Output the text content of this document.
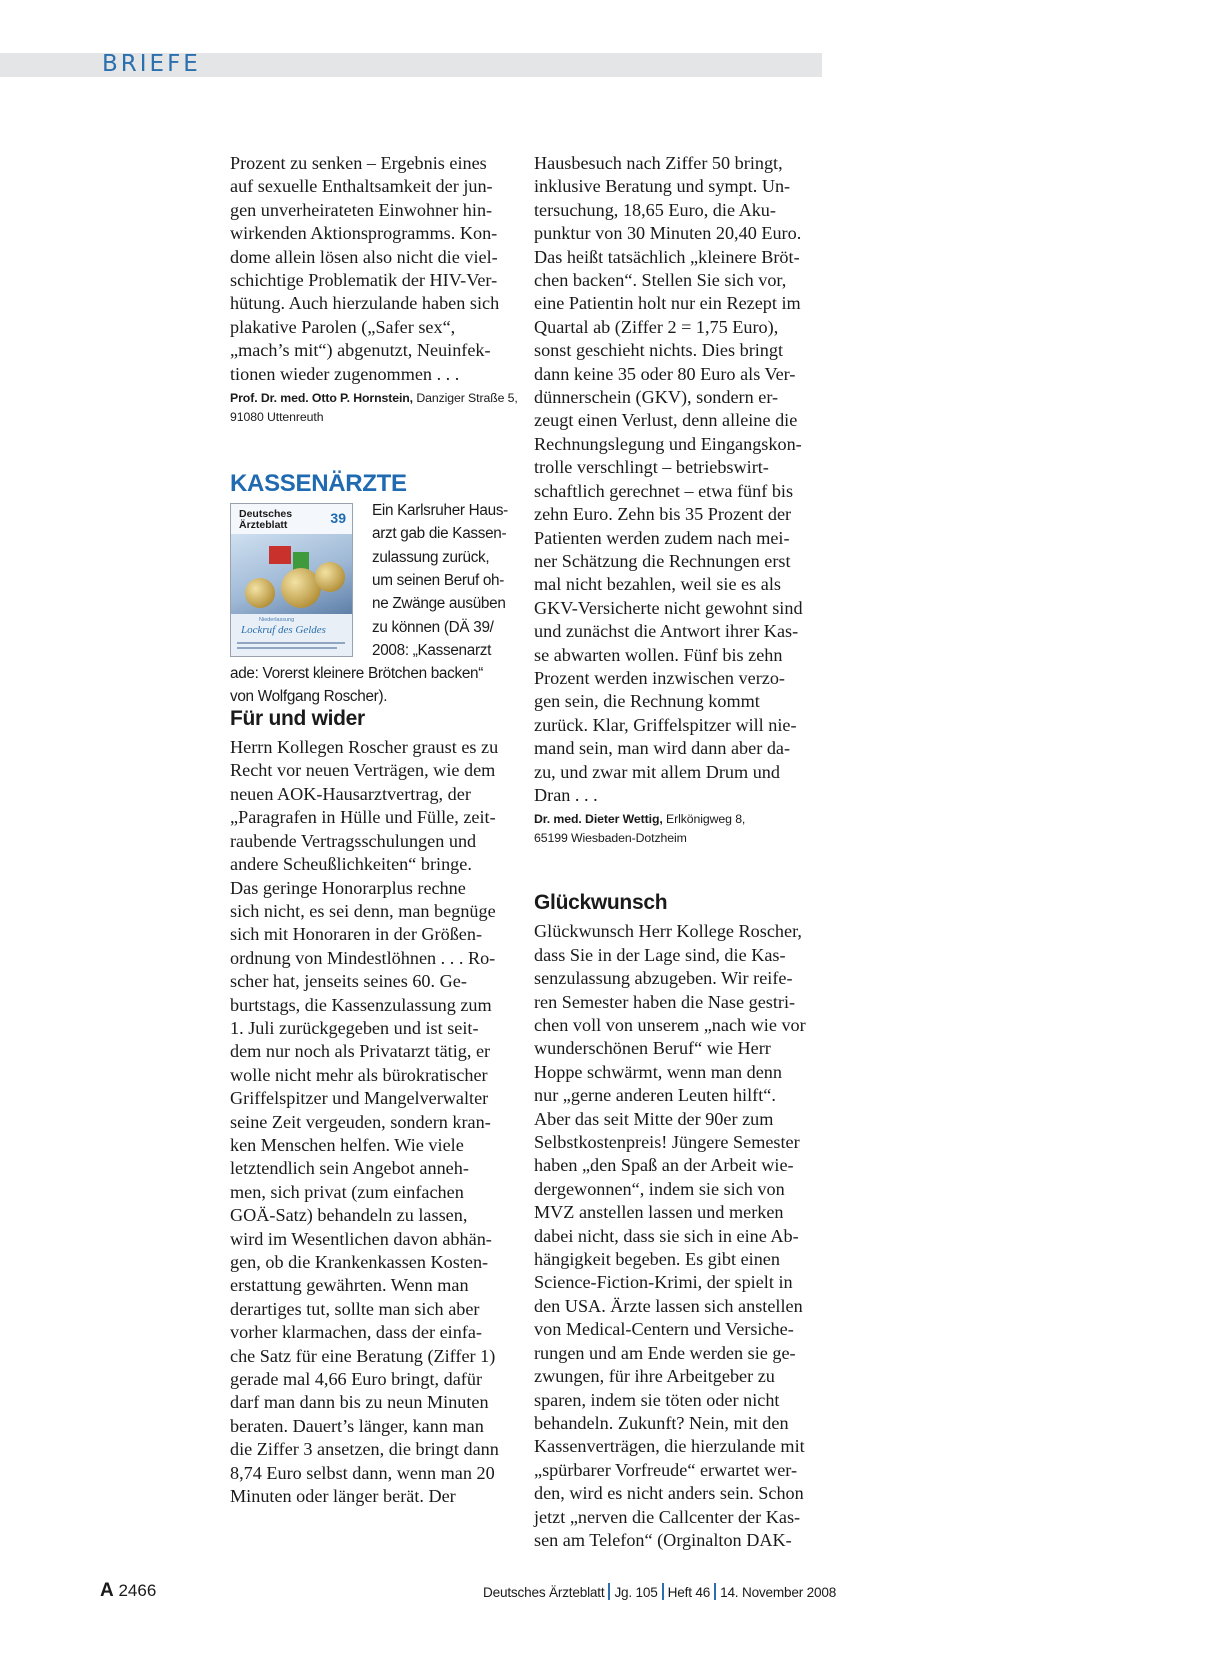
BRIEFE
Prozent zu senken – Ergebnis eines
auf sexuelle Enthaltsamkeit der jun-
gen unverheirateten Einwohner hin-
wirkenden Aktionsprogramms. Kon-
dome allein lösen also nicht die viel-
schichtige Problematik der HIV-Ver-
hütung. Auch hierzulande haben sich
plakative Parolen („Safer sex“,
„mach’s mit“) abgenutzt, Neuinfek-
tionen wieder zugenommen . . .
Prof. Dr. med. Otto P. Hornstein, Danziger Straße 5,
91080 Uttenreuth
KASSENÄRZTE
Deutsches
Ärzteblatt	39
Niederlassung
Lockruf des Geldes
Ein Karlsruher Haus-
arzt gab die Kassen-
zulassung zurück,
um seinen Beruf oh-
ne Zwänge ausüben
zu können (DÄ 39/
2008: „Kassenarzt
ade: Vorerst kleinere Brötchen backen“
von Wolfgang Roscher).
Für und wider
Herrn Kollegen Roscher graust es zu
Recht vor neuen Verträgen, wie dem
neuen AOK-Hausarztvertrag, der
„Paragrafen in Hülle und Fülle, zeit-
raubende Vertragsschulungen und
andere Scheußlichkeiten“ bringe.
Das geringe Honorarplus rechne
sich nicht, es sei denn, man begnüge
sich mit Honoraren in der Größen-
ordnung von Mindestlöhnen . . . Ro-
scher hat, jenseits seines 60. Ge-
burtstags, die Kassenzulassung zum
1. Juli zurückgegeben und ist seit-
dem nur noch als Privatarzt tätig, er
wolle nicht mehr als bürokratischer
Griffelspitzer und Mangelverwalter
seine Zeit vergeuden, sondern kran-
ken Menschen helfen. Wie viele
letztendlich sein Angebot anneh-
men, sich privat (zum einfachen
GOÄ-Satz) behandeln zu lassen,
wird im Wesentlichen davon abhän-
gen, ob die Krankenkassen Kosten-
erstattung gewährten. Wenn man
derartiges tut, sollte man sich aber
vorher klarmachen, dass der einfa-
che Satz für eine Beratung (Ziffer 1)
gerade mal 4,66 Euro bringt, dafür
darf man dann bis zu neun Minuten
beraten. Dauert’s länger, kann man
die Ziffer 3 ansetzen, die bringt dann
8,74 Euro selbst dann, wenn man 20
Minuten oder länger berät. Der
Hausbesuch nach Ziffer 50 bringt,
inklusive Beratung und sympt. Un-
tersuchung, 18,65 Euro, die Aku-
punktur von 30 Minuten 20,40 Euro.
Das heißt tatsächlich „kleinere Bröt-
chen backen“. Stellen Sie sich vor,
eine Patientin holt nur ein Rezept im
Quartal ab (Ziffer 2 = 1,75 Euro),
sonst geschieht nichts. Dies bringt
dann keine 35 oder 80 Euro als Ver-
dünnerschein (GKV), sondern er-
zeugt einen Verlust, denn alleine die
Rechnungslegung und Eingangskon-
trolle verschlingt – betriebswirt-
schaftlich gerechnet – etwa fünf bis
zehn Euro. Zehn bis 35 Prozent der
Patienten werden zudem nach mei-
ner Schätzung die Rechnungen erst
mal nicht bezahlen, weil sie es als
GKV-Versicherte nicht gewohnt sind
und zunächst die Antwort ihrer Kas-
se abwarten wollen. Fünf bis zehn
Prozent werden inzwischen verzo-
gen sein, die Rechnung kommt
zurück. Klar, Griffelspitzer will nie-
mand sein, man wird dann aber da-
zu, und zwar mit allem Drum und
Dran . . .
Dr. med. Dieter Wettig, Erlkönigweg 8,
65199 Wiesbaden-Dotzheim
Glückwunsch
Glückwunsch Herr Kollege Roscher,
dass Sie in der Lage sind, die Kas-
senzulassung abzugeben. Wir reife-
ren Semester haben die Nase gestri-
chen voll von unserem „nach wie vor
wunderschönen Beruf“ wie Herr
Hoppe schwärmt, wenn man denn
nur „gerne anderen Leuten hilft“.
Aber das seit Mitte der 90er zum
Selbstkostenpreis! Jüngere Semester
haben „den Spaß an der Arbeit wie-
dergewonnen“, indem sie sich von
MVZ anstellen lassen und merken
dabei nicht, dass sie sich in eine Ab-
hängigkeit begeben. Es gibt einen
Science-Fiction-Krimi, der spielt in
den USA. Ärzte lassen sich anstellen
von Medical-Centern und Versiche-
rungen und am Ende werden sie ge-
zwungen, für ihre Arbeitgeber zu
sparen, indem sie töten oder nicht
behandeln. Zukunft? Nein, mit den
Kassenverträgen, die hierzulande mit
„spürbarer Vorfreude“ erwartet wer-
den, wird es nicht anders sein. Schon
jetzt „nerven die Callcenter der Kas-
sen am Telefon“ (Orginalton DAK-
A 2466	Deutsches Ärzteblatt Jg. 105 Heft 46 14. November 2008
